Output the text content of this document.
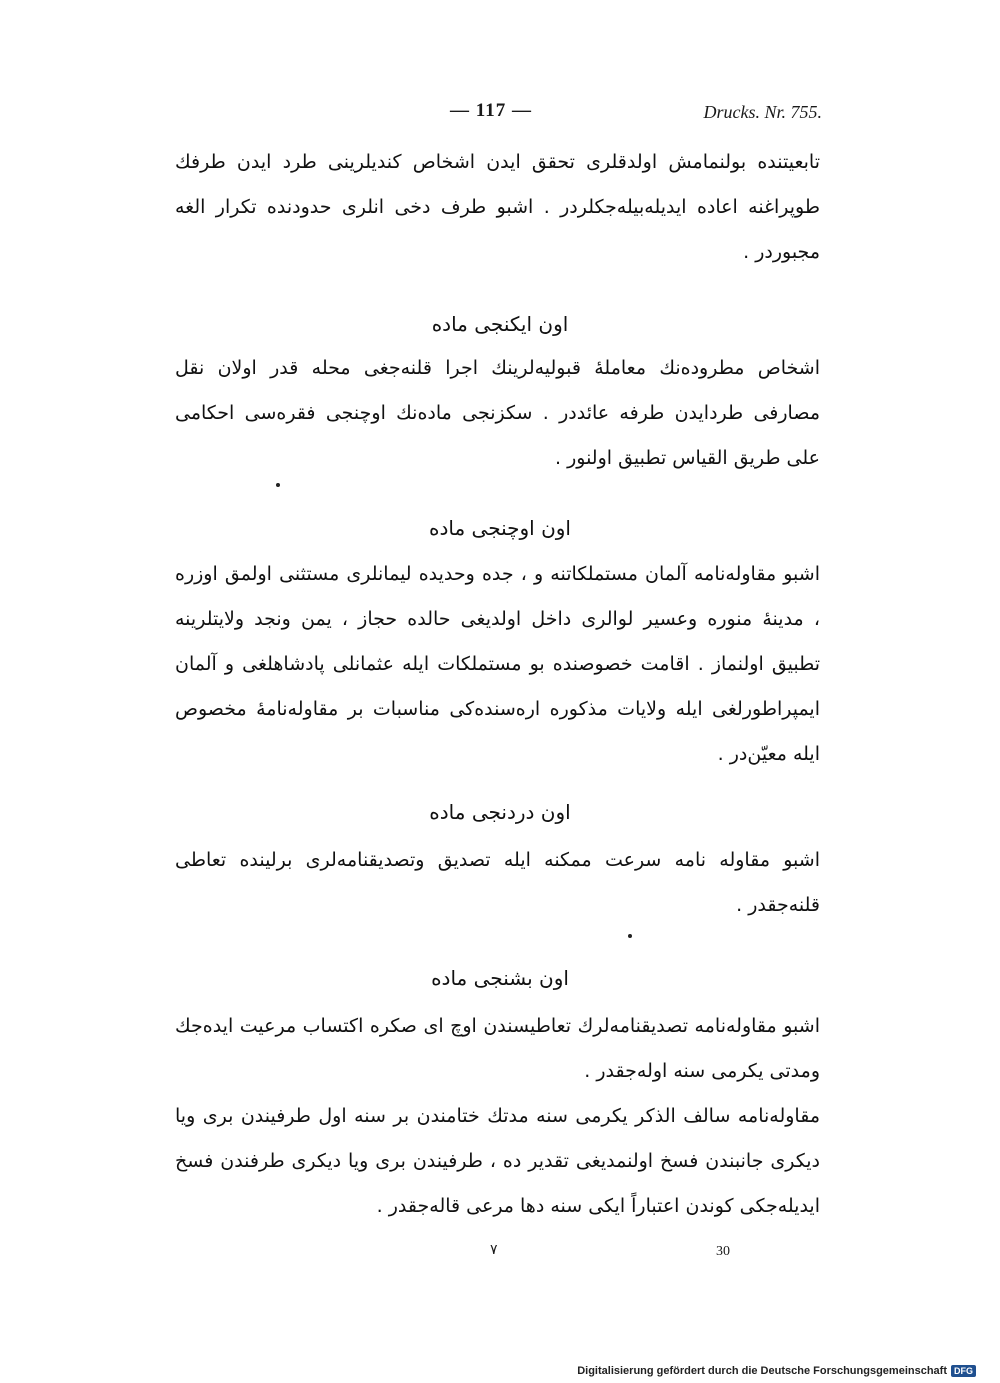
— 117 —	Drucks. Nr. 755.
تابعیتنده بولنمامش اولدقلری تحقق ایدن اشخاص کندیلرینی طرد ایدن طرفك طوپراغنه اعاده ایدیله‌بیله‌جکلردر . اشبو طرف دخی انلری حدودنده تکرار الغه مجبوردر .
اون ایکنجی ماده
اشخاص مطرودەنك معامله‌ٔ قبولیه‌لرینك اجرا قلنه‌جغی محله قدر اولان نقل مصارفی طردایدن طرفه عائددر . سکزنجی ماده‌نك اوچنجی فقره‌سی احکامی علی طریق القیاس تطبیق اولنور .
اون اوچنجی ماده
اشبو مقاوله‌نامه آلمان مستملکاتنه و ، جده وحدیده لیمانلری مستثنی اولمق اوزره ، مدینه‌ٔ منوره وعسیر لوالری داخل اولدیغی حالده حجاز ، یمن ونجد ولایتلرینه تطبیق اولنماز . اقامت خصوصنده بو مستملکات ایله عثمانلی پادشاهلغی و آلمان ایمپراطورلغی ایله ولایات مذکوره اره‌سنده‌کی مناسبات بر مقاوله‌نامه‌ٔ مخصوص ایله معیّن‌در .
اون دردنجی ماده
اشبو مقاوله نامه سرعت ممکنه ایله تصدیق وتصدیقنامه‌لری برلینده تعاطی قلنه‌جقدر .
اون بشنجی ماده
اشبو مقاوله‌نامه تصدیقنامه‌لرك تعاطیسندن اوچ ای صکره اکتساب مرعیت ایده‌جك ومدتی یکرمی سنه اوله‌جقدر .
مقاوله‌نامه سالف الذکر یکرمی سنه مدتك ختامندن بر سنه اول طرفیندن بری ویا دیکری جانبندن فسخ اولنمدیغی تقدیر ده ، طرفیندن بری ویا دیکری طرفندن فسخ ایدیله‌جکی کوندن اعتباراً ایکی سنه دها مرعی قاله‌جقدر .
٧	30
Digitalisierung gefördert durch die Deutsche Forschungsgemeinschaft DFG
